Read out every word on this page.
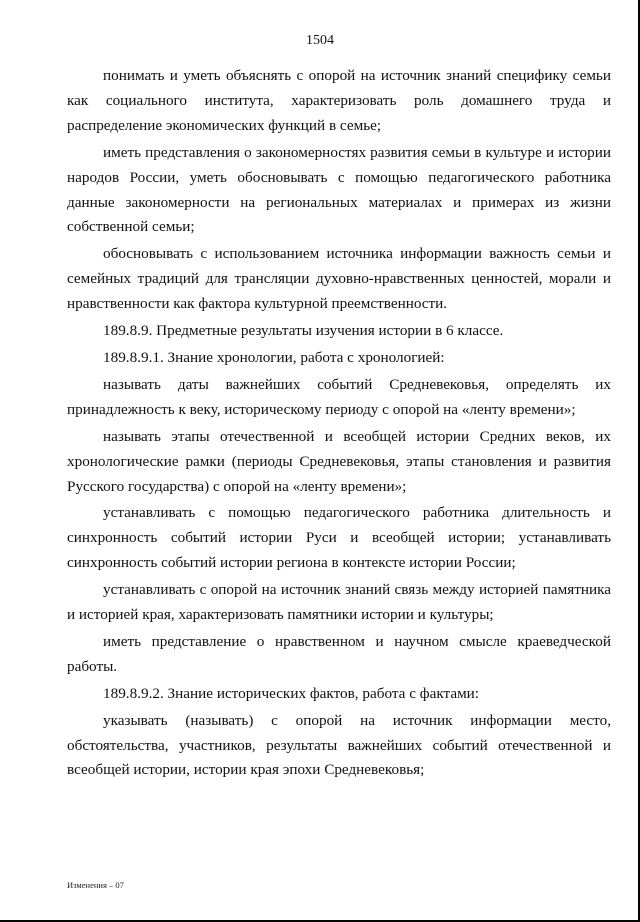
1504

понимать и уметь объяснять с опорой на источник знаний специфику семьи как социального института, характеризовать роль домашнего труда и распределение экономических функций в семье;

иметь представления о закономерностях развития семьи в культуре и истории народов России, уметь обосновывать с помощью педагогического работника данные закономерности на региональных материалах и примерах из жизни собственной семьи;

обосновывать с использованием источника информации важность семьи и семейных традиций для трансляции духовно-нравственных ценностей, морали и нравственности как фактора культурной преемственности.

189.8.9. Предметные результаты изучения истории в 6 классе.

189.8.9.1. Знание хронологии, работа с хронологией:

называть даты важнейших событий Средневековья, определять их принадлежность к веку, историческому периоду с опорой на «ленту времени»;

называть этапы отечественной и всеобщей истории Средних веков, их хронологические рамки (периоды Средневековья, этапы становления и развития Русского государства) с опорой на «ленту времени»;

устанавливать с помощью педагогического работника длительность и синхронность событий истории Руси и всеобщей истории; устанавливать синхронность событий истории региона в контексте истории России;

устанавливать с опорой на источник знаний связь между историей памятника и историей края, характеризовать памятники истории и культуры;

иметь представление о нравственном и научном смысле краеведческой работы.

189.8.9.2. Знание исторических фактов, работа с фактами:

указывать (называть) с опорой на источник информации место, обстоятельства, участников, результаты важнейших событий отечественной и всеобщей истории, истории края эпохи Средневековья;

Изменения – 07
